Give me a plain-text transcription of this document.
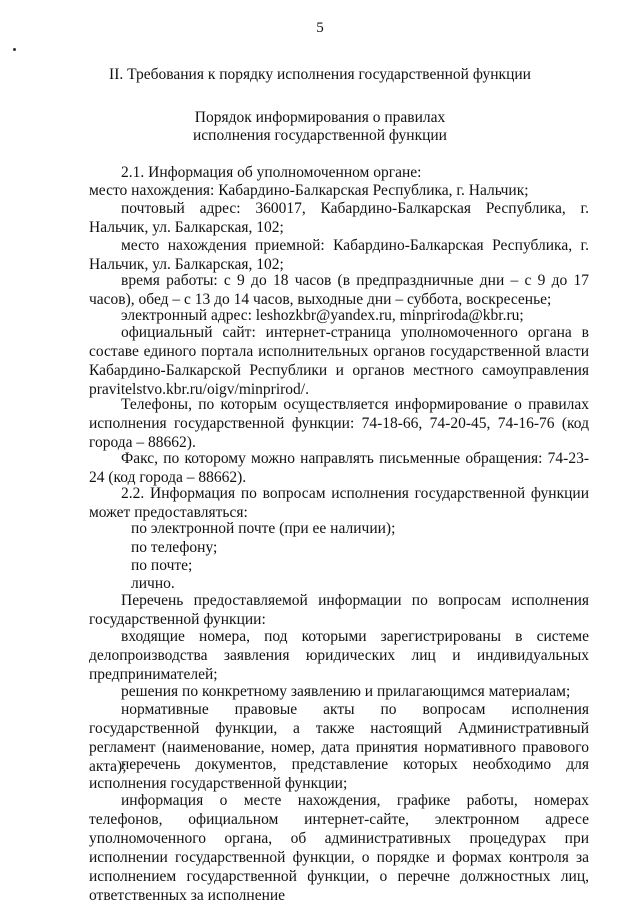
5
II. Требования к порядку исполнения государственной функции
Порядок информирования о правилах
исполнения государственной функции
2.1. Информация об уполномоченном органе:
место нахождения: Кабардино-Балкарская Республика, г. Нальчик;
почтовый адрес: 360017, Кабардино-Балкарская Республика, г. Нальчик, ул. Балкарская, 102;
место нахождения приемной: Кабардино-Балкарская Республика, г. Нальчик, ул. Балкарская, 102;
время работы: с 9 до 18 часов (в предпраздничные дни – с 9 до 17 часов), обед – с 13 до 14 часов, выходные дни – суббота, воскресенье;
электронный адрес: leshozkbr@yandex.ru, minpriroda@kbr.ru;
официальный сайт: интернет-страница уполномоченного органа в составе единого портала исполнительных органов государственной власти Кабардино-Балкарской Республики и органов местного самоуправления pravitelstvo.kbr.ru/oigv/minprirod/.
Телефоны, по которым осуществляется информирование о правилах исполнения государственной функции: 74-18-66, 74-20-45, 74-16-76 (код города – 88662).
Факс, по которому можно направлять письменные обращения: 74-23-24 (код города – 88662).
2.2. Информация по вопросам исполнения государственной функции может предоставляться:
по электронной почте (при ее наличии);
по телефону;
по почте;
лично.
Перечень предоставляемой информации по вопросам исполнения государственной функции:
входящие номера, под которыми зарегистрированы в системе делопроизводства заявления юридических лиц и индивидуальных предпринимателей;
решения по конкретному заявлению и прилагающимся материалам;
нормативные правовые акты по вопросам исполнения государственной функции, а также настоящий Административный регламент (наименование, номер, дата принятия нормативного правового акта);
перечень документов, представление которых необходимо для исполнения государственной функции;
информация о месте нахождения, графике работы, номерах телефонов, официальном интернет-сайте, электронном адресе уполномоченного органа, об административных процедурах при исполнении государственной функции, о порядке и формах контроля за исполнением государственной функции, о перечне должностных лиц, ответственных за исполнение
